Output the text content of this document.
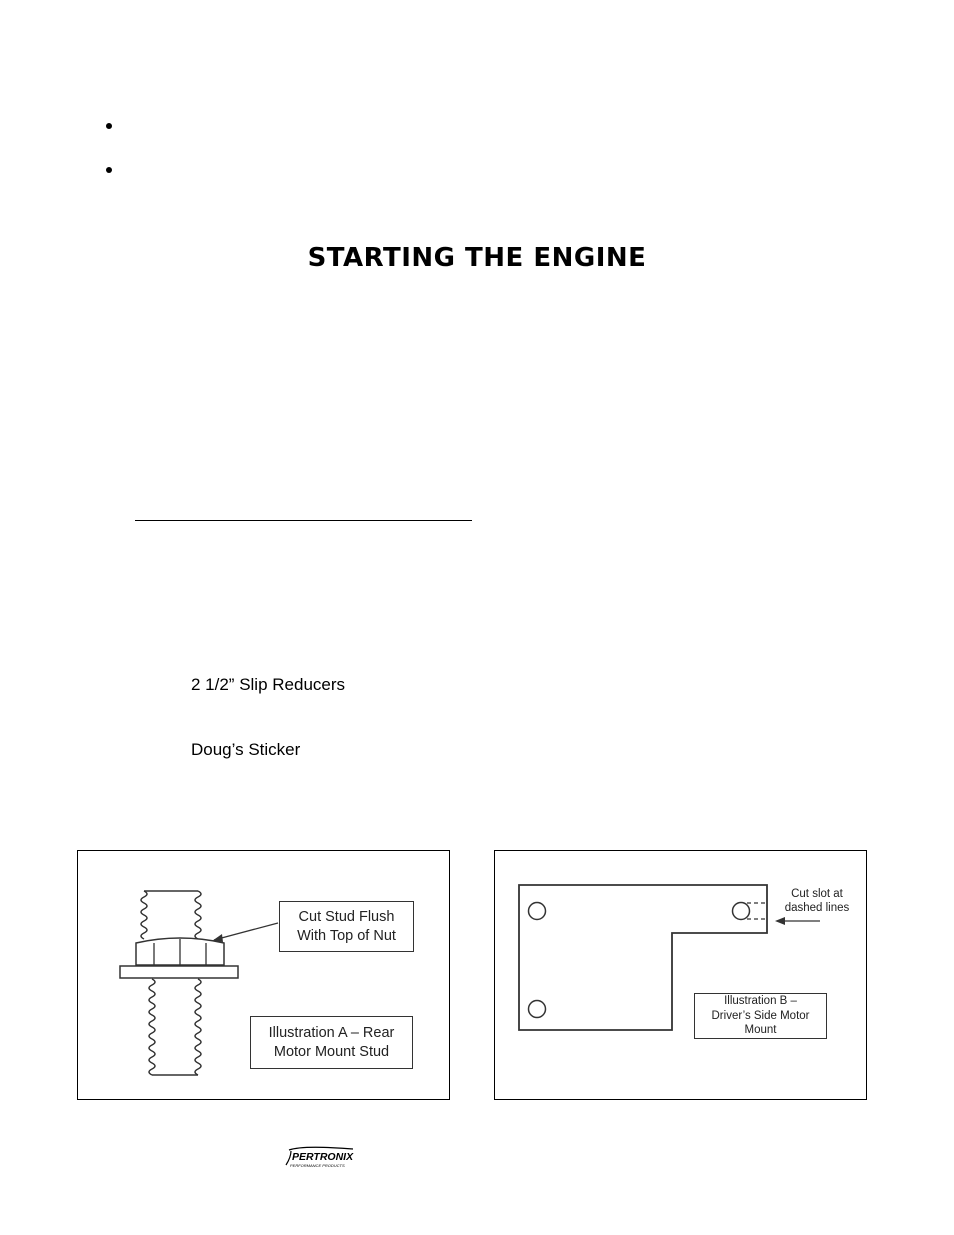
STARTING THE ENGINE
2 1/2” Slip Reducers
Doug’s Sticker
Cut Stud Flush With Top of Nut
Illustration A – Rear Motor Mount Stud
Cut slot at dashed lines
Illustration B – Driver’s Side Motor Mount
PERTRONIX
PERFORMANCE PRODUCTS
